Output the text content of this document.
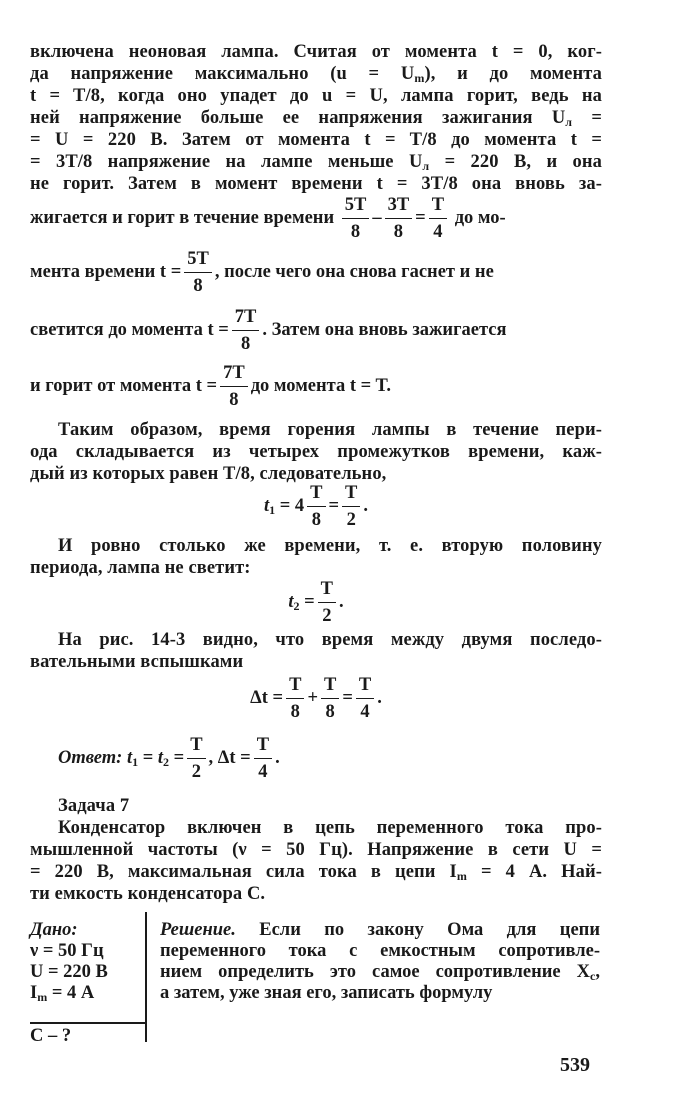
включена неоновая лампа. Считая от момента t = 0, ког-
да напряжение максимально $(u = U_m)$, и до момента
t = T/8, когда оно упадет до u = U, лампа горит, ведь на
ней напряжение больше ее напряжения зажигания $U_л$ =
= U = 220 В. Затем от момента t = T/8 до момента t =
= 3T/8 напряжение на лампе меньше $U_л = 220$ В, и она
не горит. Затем в момент времени t = 3T/8 она вновь за-
жигается и горит в течение времени $\frac{5T}{8} - \frac{3T}{8} = \frac{T}{4}$ до мо-
мента времени $t = \frac{5T}{8}$ , после чего она снова гаснет и не
светится до момента $t = \frac{7T}{8}$ . Затем она вновь зажигается
и горит от момента $t = \frac{7T}{8}$ до момента t = T.
Таким образом, время горения лампы в течение пери-
ода складывается из четырех промежутков времени, каж-
дый из которых равен T/8, следовательно,
$t_1 = 4 \frac{T}{8} = \frac{T}{2}$ .
И ровно столько же времени, т. е. вторую половину
периода, лампа не светит:
$t_2 = \frac{T}{2}$ .
На рис. 14-3 видно, что время между двумя последо-
вательными вспышками
$\Delta t = \frac{T}{8} + \frac{T}{8} = \frac{T}{4}$ .
Ответ: $t_1 = t_2 = \frac{T}{2}$ , $\Delta t = \frac{T}{4}$ .
Задача 7
Конденсатор включен в цепь переменного тока про-
мышленной частоты (ν = 50 Гц). Напряжение в сети U =
= 220 В, максимальная сила тока в цепи $I_m = 4$ А. Най-
ти емкость конденсатора C.
Дано:
ν = 50 Гц
U = 220 В
$I_m = 4$ А
C – ?
Решение. Если по закону Ома для цепи
переменного тока с емкостным сопротивле-
нием определить это самое сопротивление $X_c$,
а затем, уже зная его, записать формулу
539
